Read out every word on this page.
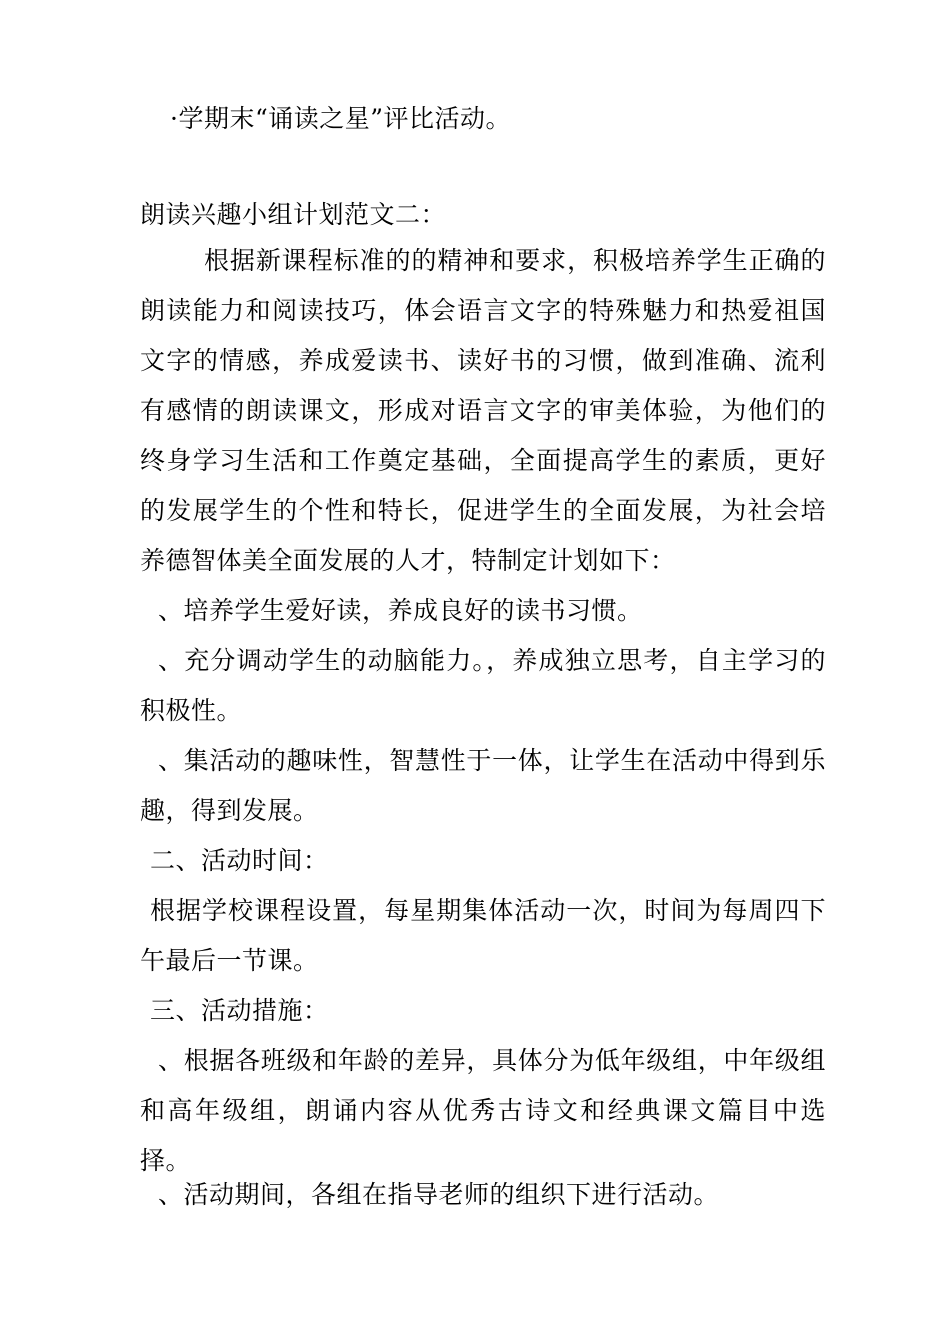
·学期末“诵读之星”评比活动。
朗读兴趣小组计划范文二：
根据新课程标准的的精神和要求，积极培养学生正确的朗读能力和阅读技巧，体会语言文字的特殊魅力和热爱祖国文字的情感，养成爱读书、读好书的习惯，做到准确、流利有感情的朗读课文，形成对语言文字的审美体验，为他们的终身学习生活和工作奠定基础，全面提高学生的素质，更好的发展学生的个性和特长，促进学生的全面发展，为社会培养德智体美全面发展的人才，特制定计划如下：
、培养学生爱好读，养成良好的读书习惯。
、充分调动学生的动脑能力。，养成独立思考，自主学习的积极性。
、集活动的趣味性，智慧性于一体，让学生在活动中得到乐趣，得到发展。
二、活动时间：
根据学校课程设置，每星期集体活动一次，时间为每周四下午最后一节课。
三、活动措施：
、根据各班级和年龄的差异，具体分为低年级组，中年级组和高年级组，朗诵内容从优秀古诗文和经典课文篇目中选择。
、活动期间，各组在指导老师的组织下进行活动。
